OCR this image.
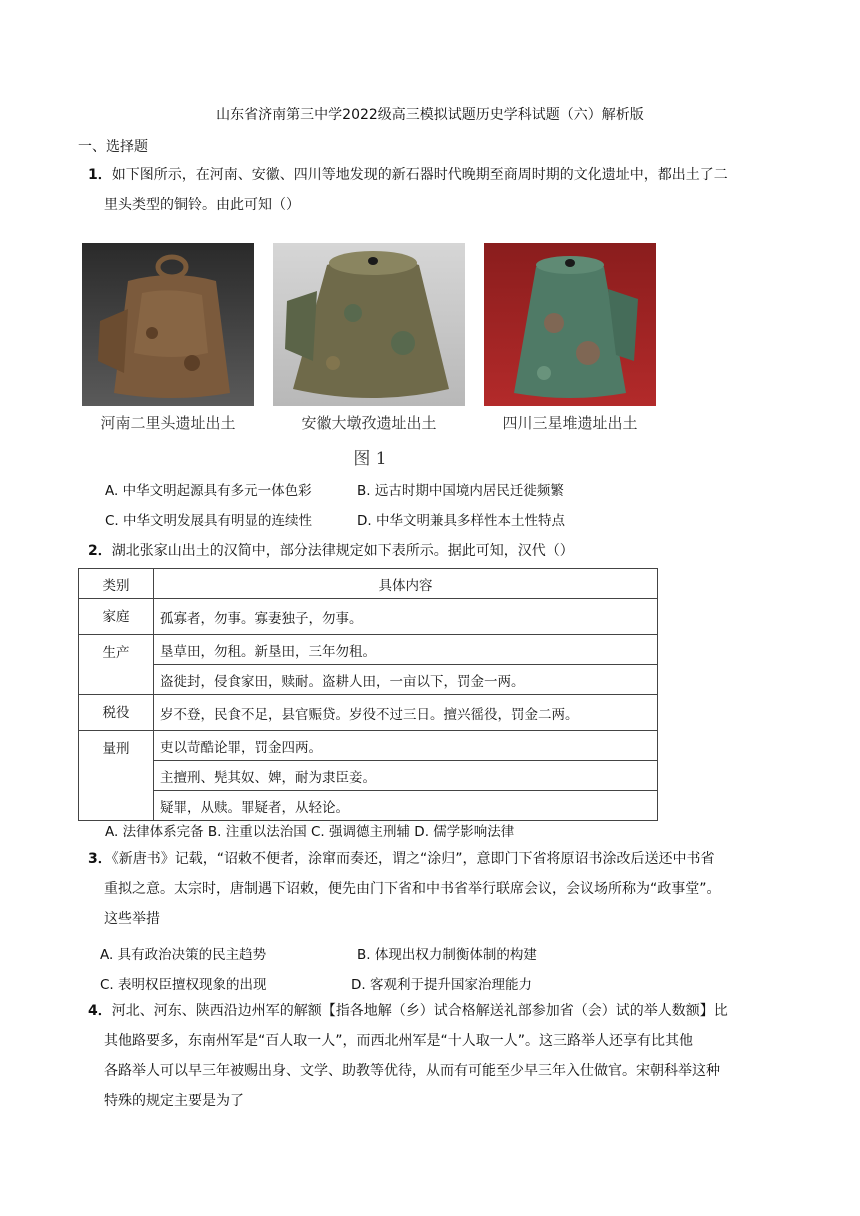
山东省济南第三中学2022级高三模拟试题历史学科试题（六）解析版
一、选择题
1．如下图所示，在河南、安徽、四川等地发现的新石器时代晚期至商周时期的文化遗址中，都出土了二
里头类型的铜铃。由此可知（）
河南二里头遗址出土	安徽大墩孜遗址出土	四川三星堆遗址出土
图 1
A. 中华文明起源具有多元一体色彩	B. 远古时期中国境内居民迁徙频繁
C. 中华文明发展具有明显的连续性	D. 中华文明兼具多样性本土性特点
2．湖北张家山出土的汉简中，部分法律规定如下表所示。据此可知，汉代（）
类别	具体内容
家庭	孤寡者，勿事。寡妻独子，勿事。
生产	垦草田，勿租。新垦田，三年勿租。
	盗徙封，侵食家田，赎耐。盗耕人田，一亩以下，罚金一两。
税役	岁不登，民食不足，县官赈贷。岁役不过三日。擅兴徭役，罚金二两。
量刑	吏以苛酷论罪，罚金四两。
	主擅刑、髡其奴、婢，耐为隶臣妾。
	疑罪，从赎。罪疑者，从轻论。
A. 法律体系完备 B. 注重以法治国 C. 强调德主刑辅 D. 儒学影响法律
3．《新唐书》记载，“诏敕不便者，涂窜而奏还，谓之“涂归”，意即门下省将原诏书涂改后送还中书省
重拟之意。太宗时，唐制遇下诏敕，便先由门下省和中书省举行联席会议，会议场所称为“政事堂”。
这些举措
A. 具有政治决策的民主趋势	B. 体现出权力制衡体制的构建
C. 表明权臣擅权现象的出现	D. 客观利于提升国家治理能力
4．河北、河东、陕西沿边州军的解额【指各地解（乡）试合格解送礼部参加省（会）试的举人数额】比
其他路要多，东南州军是“百人取一人”，而西北州军是“十人取一人”。这三路举人还享有比其他
各路举人可以早三年被赐出身、文学、助教等优待，从而有可能至少早三年入仕做官。宋朝科举这种
特殊的规定主要是为了
